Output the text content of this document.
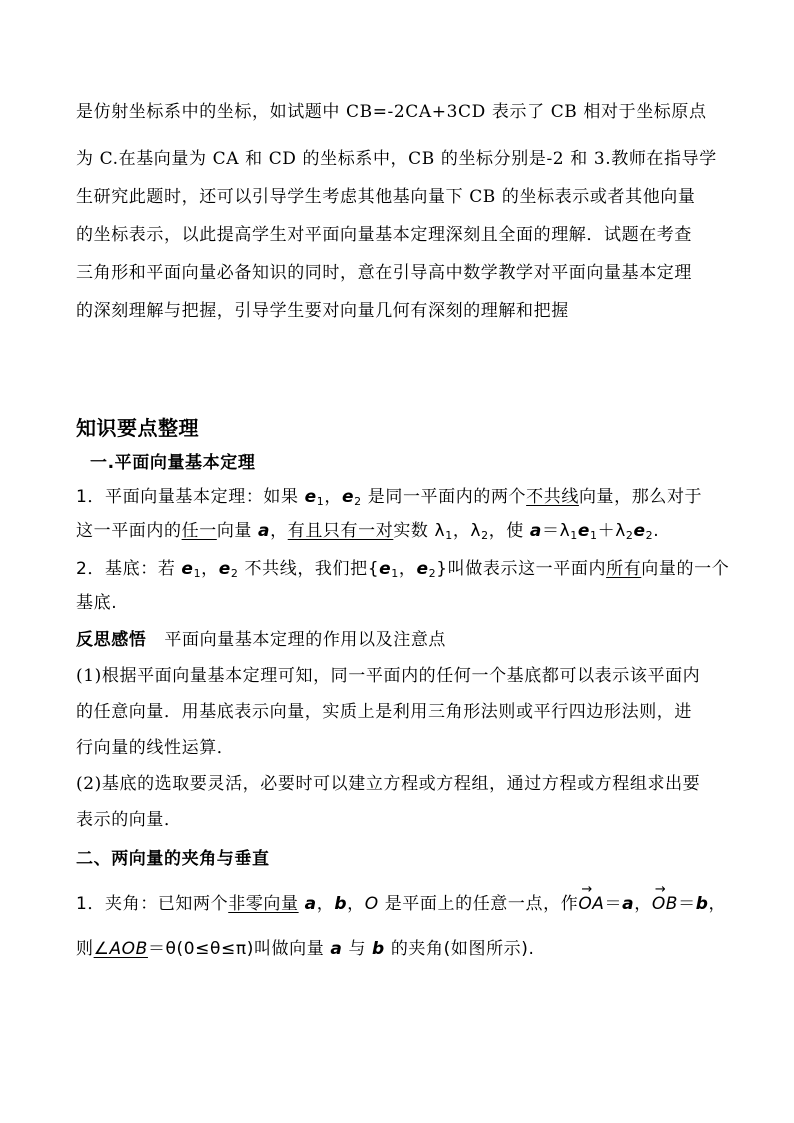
是仿射坐标系中的坐标，如试题中 CB=-2CA+3CD 表示了 CB 相对于坐标原点
为 C.在基向量为 CA 和 CD 的坐标系中，CB 的坐标分别是-2 和 3.教师在指导学
生研究此题时，还可以引导学生考虑其他基向量下 CB 的坐标表示或者其他向量
的坐标表示，以此提高学生对平面向量基本定理深刻且全面的理解．试题在考查
三角形和平面向量必备知识的同时，意在引导高中数学教学对平面向量基本定理
的深刻理解与把握，引导学生要对向量几何有深刻的理解和把握
知识要点整理
一.平面向量基本定理
1．平面向量基本定理：如果 $e_1$，$e_2$ 是同一平面内的两个不共线向量，那么对于
这一平面内的任一向量 a，有且只有一对实数 $\lambda_1$，$\lambda_2$，使 $a=\lambda_1e_1+\lambda_2e_2$.
2．基底：若 $e_1$，$e_2$ 不共线，我们把{$e_1$，$e_2$}叫做表示这一平面内所有向量的一个
基底.
反思感悟 平面向量基本定理的作用以及注意点
(1)根据平面向量基本定理可知，同一平面内的任何一个基底都可以表示该平面内
的任意向量．用基底表示向量，实质上是利用三角形法则或平行四边形法则，进
行向量的线性运算．
(2)基底的选取要灵活，必要时可以建立方程或方程组，通过方程或方程组求出要
表示的向量．
二、两向量的夹角与垂直
1．夹角：已知两个非零向量 a，b，O 是平面上的任意一点，作→ OA＝a，→ OB＝b，
则∠AOB＝θ(0≤θ≤π)叫做向量 a 与 b 的夹角(如图所示).
